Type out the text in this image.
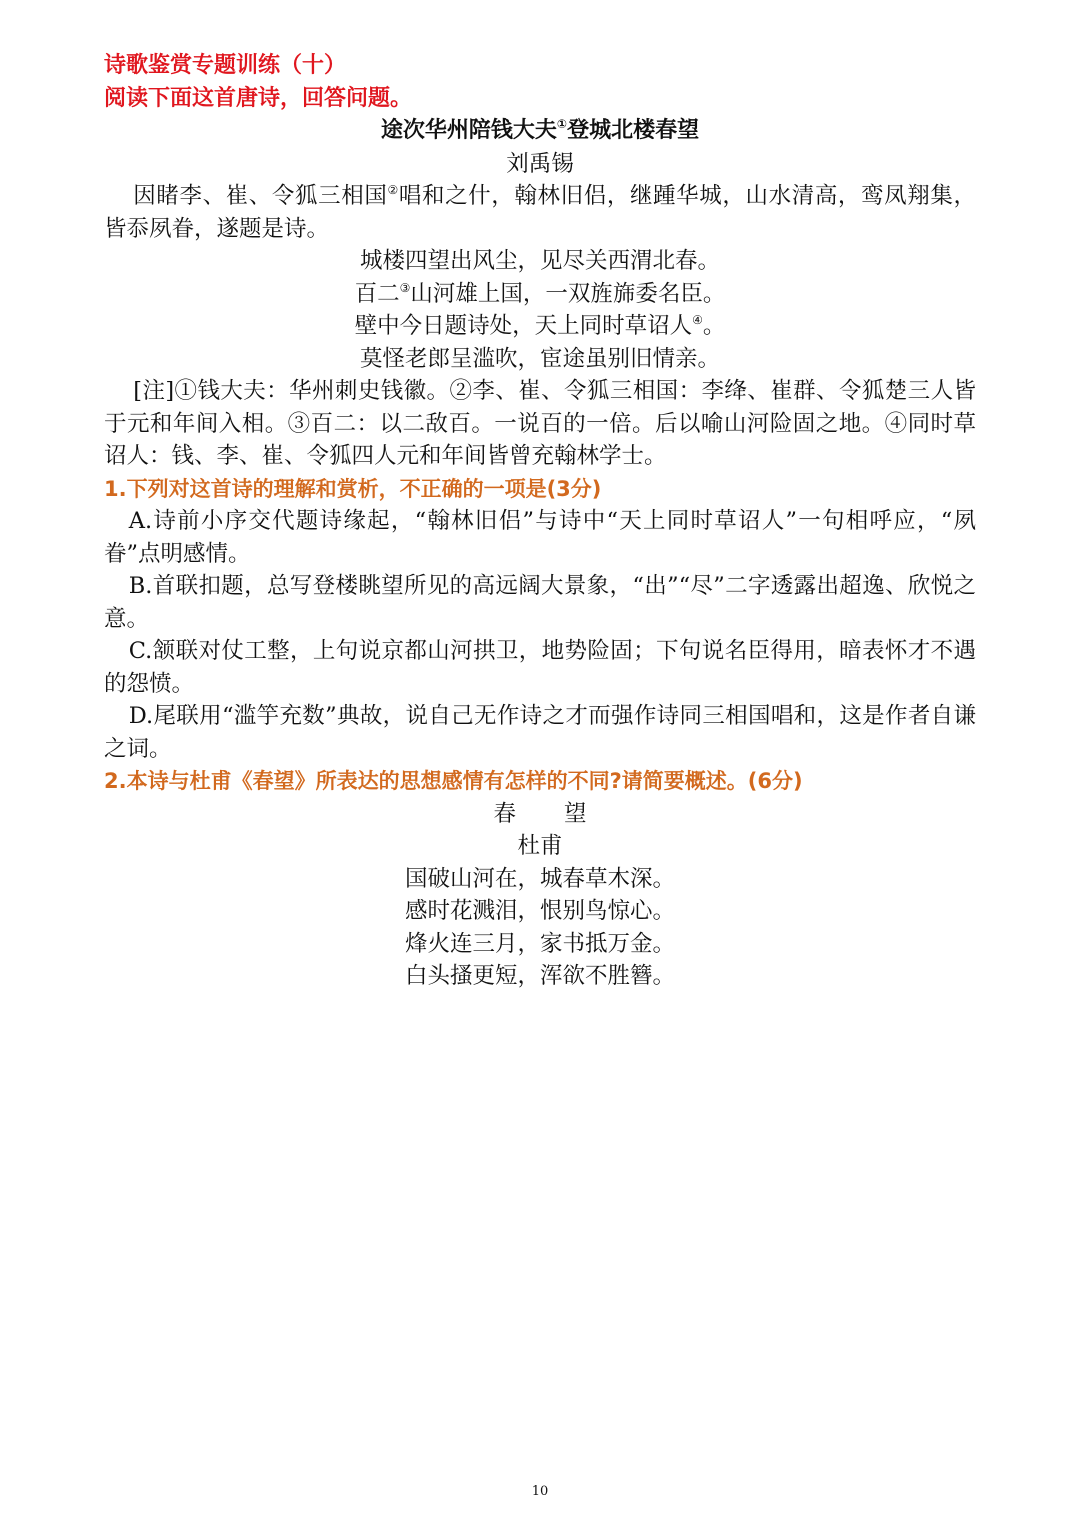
诗歌鉴赏专题训练（十）
阅读下面这首唐诗，回答问题。
途次华州陪钱大夫①登城北楼春望
刘禹锡
因睹李、崔、令狐三相国②唱和之什，翰林旧侣，继踵华城，山水清高，鸾凤翔集，皆忝夙眷，遂题是诗。
城楼四望出风尘，见尽关西渭北春。
百二③山河雄上国，一双旌旆委名臣。
壁中今日题诗处，天上同时草诏人④。
莫怪老郎呈滥吹，宦途虽别旧情亲。
[注]①钱大夫：华州刺史钱徽。②李、崔、令狐三相国：李绛、崔群、令狐楚三人皆于元和年间入相。③百二：以二敌百。一说百的一倍。后以喻山河险固之地。④同时草诏人：钱、李、崔、令狐四人元和年间皆曾充翰林学士。
1.下列对这首诗的理解和赏析，不正确的一项是(3分)
A.诗前小序交代题诗缘起，“翰林旧侣”与诗中“天上同时草诏人”一句相呼应，“夙眷”点明感情。
B.首联扣题，总写登楼眺望所见的高远阔大景象，“出”“尽”二字透露出超逸、欣悦之意。
C.颔联对仗工整，上句说京都山河拱卫，地势险固；下句说名臣得用，暗表怀才不遇的怨愤。
D.尾联用“滥竽充数”典故，说自己无作诗之才而强作诗同三相国唱和，这是作者自谦之词。
2.本诗与杜甫《春望》所表达的思想感情有怎样的不同?请简要概述。(6分)
春 望
杜甫
国破山河在，城春草木深。
感时花溅泪，恨别鸟惊心。
烽火连三月，家书抵万金。
白头搔更短，浑欲不胜簪。
10
